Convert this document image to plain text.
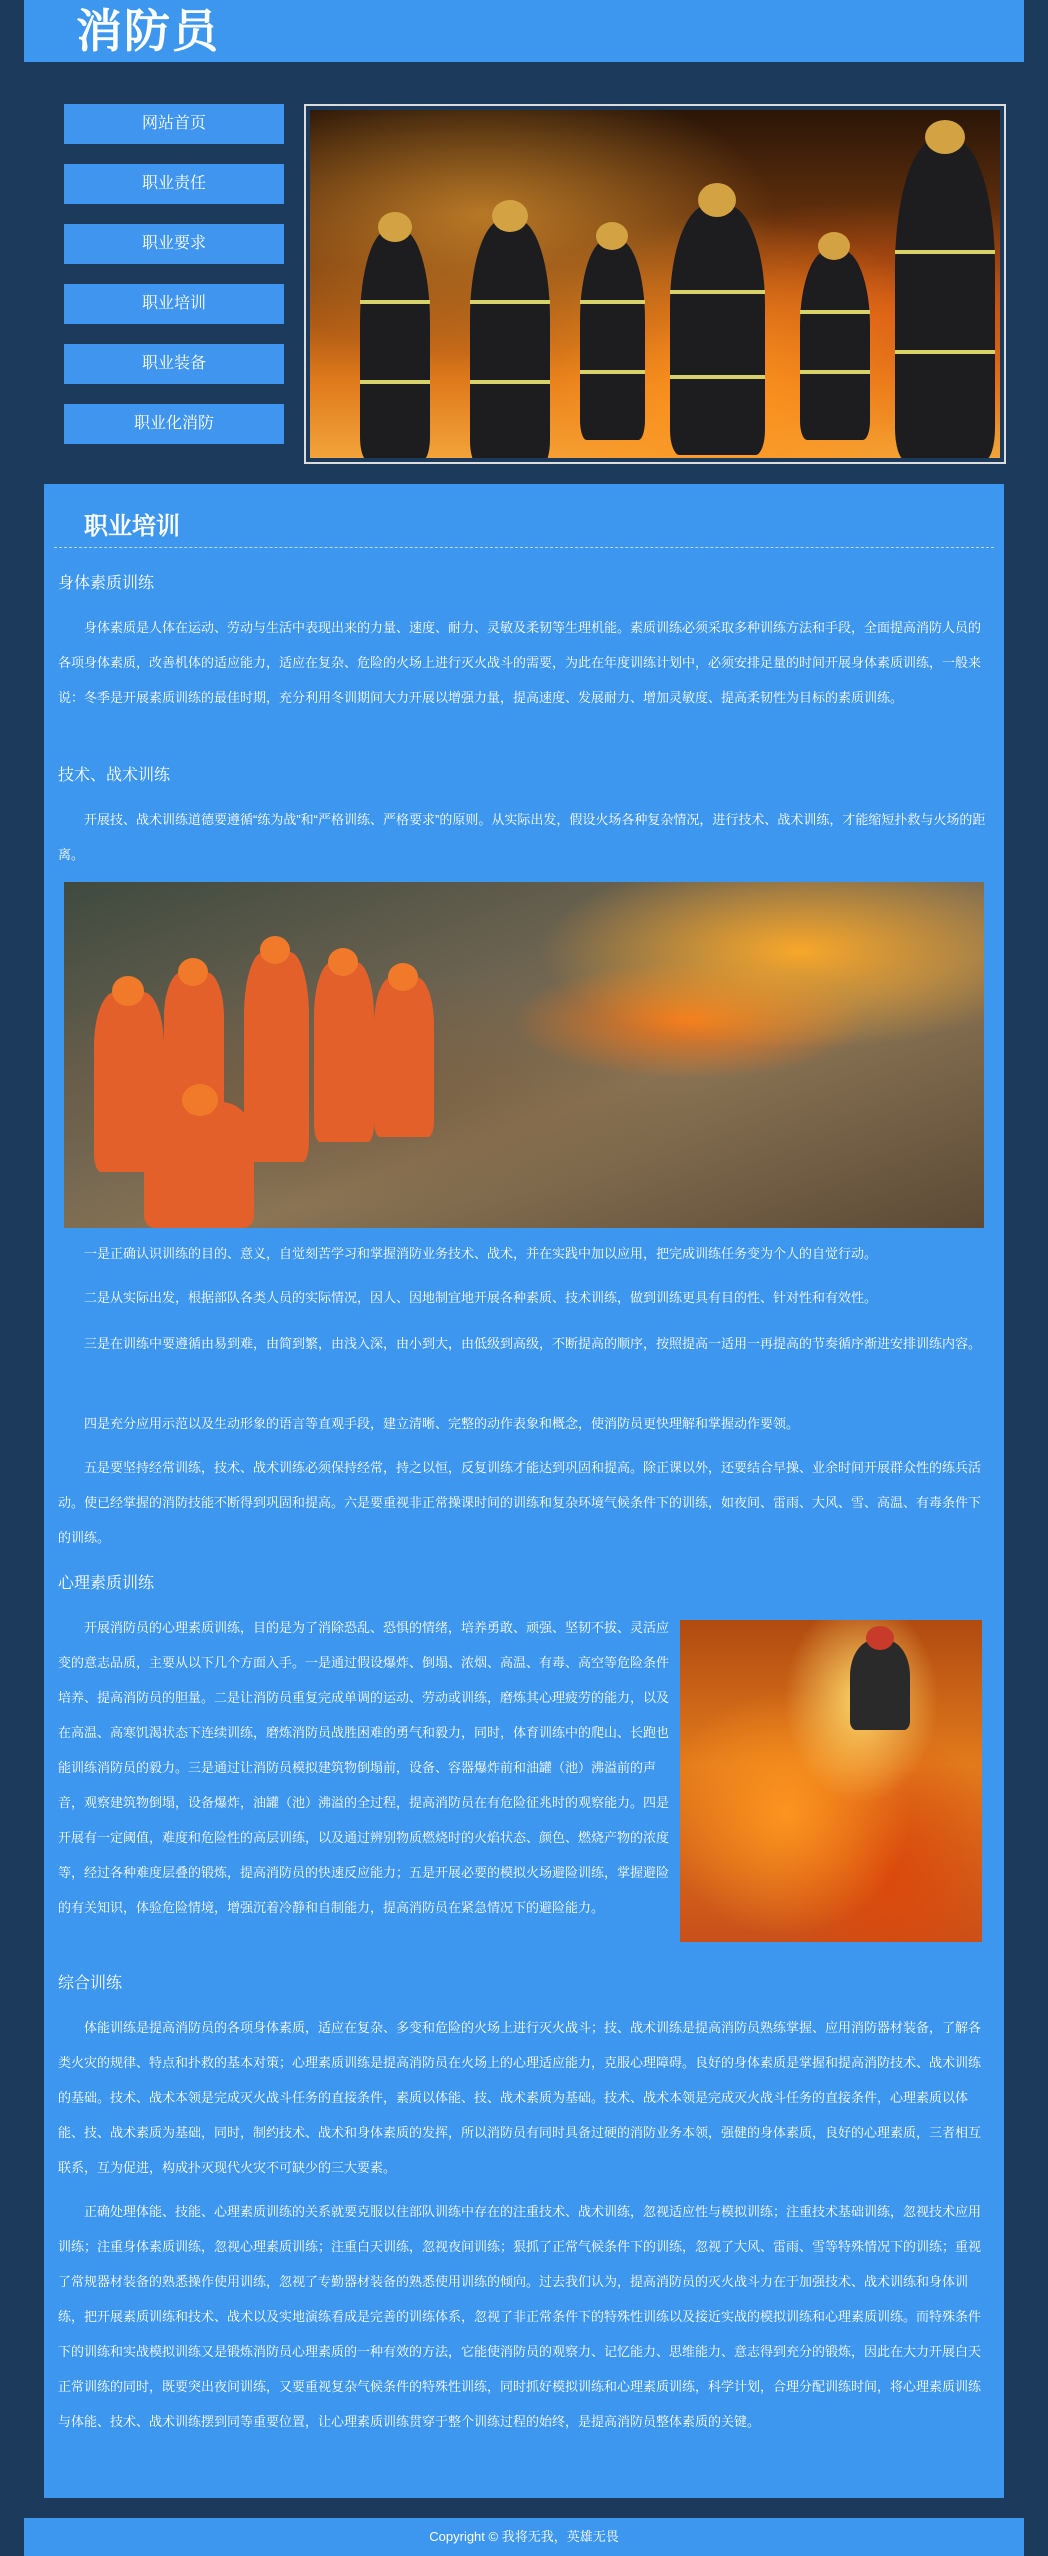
消防员
网站首页
职业责任
职业要求
职业培训
职业装备
职业化消防
职业培训
身体素质训练

身体素质是人体在运动、劳动与生活中表现出来的力量、速度、耐力、灵敏及柔韧等生理机能。素质训练必须采取多种训练方法和手段，全面提高消防人员的各项身体素质，改善机体的适应能力，适应在复杂、危险的火场上进行灭火战斗的需要，为此在年度训练计划中，必须安排足量的时间开展身体素质训练，一般来说：冬季是开展素质训练的最佳时期，充分利用冬训期间大力开展以增强力量，提高速度、发展耐力、增加灵敏度、提高柔韧性为目标的素质训练。

技术、战术训练

开展技、战术训练道德要遵循“练为战”和“严格训练、严格要求”的原则。从实际出发，假设火场各种复杂情况，进行技术、战术训练，才能缩短扑救与火场的距离。

一是正确认识训练的目的、意义，自觉刻苦学习和掌握消防业务技术、战术，并在实践中加以应用，把完成训练任务变为个人的自觉行动。

二是从实际出发，根据部队各类人员的实际情况，因人、因地制宜地开展各种素质、技术训练，做到训练更具有目的性、针对性和有效性。

三是在训练中要遵循由易到难，由简到繁，由浅入深，由小到大，由低级到高级，不断提高的顺序，按照提高一适用一再提高的节奏循序渐进安排训练内容。

四是充分应用示范以及生动形象的语言等直观手段，建立清晰、完整的动作表象和概念，使消防员更快理解和掌握动作要领。

五是要坚持经常训练，技术、战术训练必须保持经常，持之以恒，反复训练才能达到巩固和提高。除正课以外，还要结合早操、业余时间开展群众性的练兵活动。使已经掌握的消防技能不断得到巩固和提高。六是要重视非正常操课时间的训练和复杂环境气候条件下的训练，如夜间、雷雨、大风、雪、高温、有毒条件下的训练。

心理素质训练

开展消防员的心理素质训练，目的是为了消除恐乱、恐惧的情绪，培养勇敢、顽强、坚韧不拔、灵活应变的意志品质，主要从以下几个方面入手。一是通过假设爆炸、倒塌、浓烟、高温、有毒、高空等危险条件培养、提高消防员的胆量。二是让消防员重复完成单调的运动、劳动或训练，磨炼其心理疲劳的能力，以及在高温、高寒饥渴状态下连续训练，磨炼消防员战胜困难的勇气和毅力，同时，体育训练中的爬山、长跑也能训练消防员的毅力。三是通过让消防员模拟建筑物倒塌前，设备、容器爆炸前和油罐（池）沸溢前的声音，观察建筑物倒塌，设备爆炸，油罐（池）沸溢的全过程，提高消防员在有危险征兆时的观察能力。四是开展有一定阈值，难度和危险性的高层训练，以及通过辨别物质燃烧时的火焰状态、颜色、燃烧产物的浓度等，经过各种难度层叠的锻炼，提高消防员的快速反应能力；五是开展必要的模拟火场避险训练，掌握避险的有关知识，体验危险情境，增强沉着冷静和自制能力，提高消防员在紧急情况下的避险能力。

综合训练

体能训练是提高消防员的各项身体素质，适应在复杂、多变和危险的火场上进行灭火战斗；技、战术训练是提高消防员熟练掌握、应用消防器材装备，了解各类火灾的规律、特点和扑救的基本对策；心理素质训练是提高消防员在火场上的心理适应能力，克服心理障碍。良好的身体素质是掌握和提高消防技术、战术训练的基础。技术、战术本领是完成灭火战斗任务的直接条件，素质以体能、技、战术素质为基础。技术、战术本领是完成灭火战斗任务的直接条件，心理素质以体能、技、战术素质为基础，同时，制约技术、战术和身体素质的发挥，所以消防员有同时具备过硬的消防业务本领，强健的身体素质，良好的心理素质，三者相互联系，互为促进，构成扑灭现代火灾不可缺少的三大要素。

正确处理体能、技能、心理素质训练的关系就要克服以往部队训练中存在的注重技术、战术训练，忽视适应性与模拟训练；注重技术基础训练，忽视技术应用训练；注重身体素质训练，忽视心理素质训练；注重白天训练，忽视夜间训练；狠抓了正常气候条件下的训练，忽视了大风、雷雨、雪等特殊情况下的训练；重视了常规器材装备的熟悉操作使用训练，忽视了专勤器材装备的熟悉使用训练的倾向。过去我们认为，提高消防员的灭火战斗力在于加强技术、战术训练和身体训练，把开展素质训练和技术、战术以及实地演练看成是完善的训练体系，忽视了非正常条件下的特殊性训练以及接近实战的模拟训练和心理素质训练。而特殊条件下的训练和实战模拟训练又是锻炼消防员心理素质的一种有效的方法，它能使消防员的观察力、记忆能力、思维能力、意志得到充分的锻炼，因此在大力开展白天正常训练的同时，既要突出夜间训练，又要重视复杂气候条件的特殊性训练，同时抓好模拟训练和心理素质训练，科学计划，合理分配训练时间，将心理素质训练与体能、技术、战术训练摆到同等重要位置，让心理素质训练贯穿于整个训练过程的始终，是提高消防员整体素质的关键。

Copyright © 我将无我，英雄无畏
